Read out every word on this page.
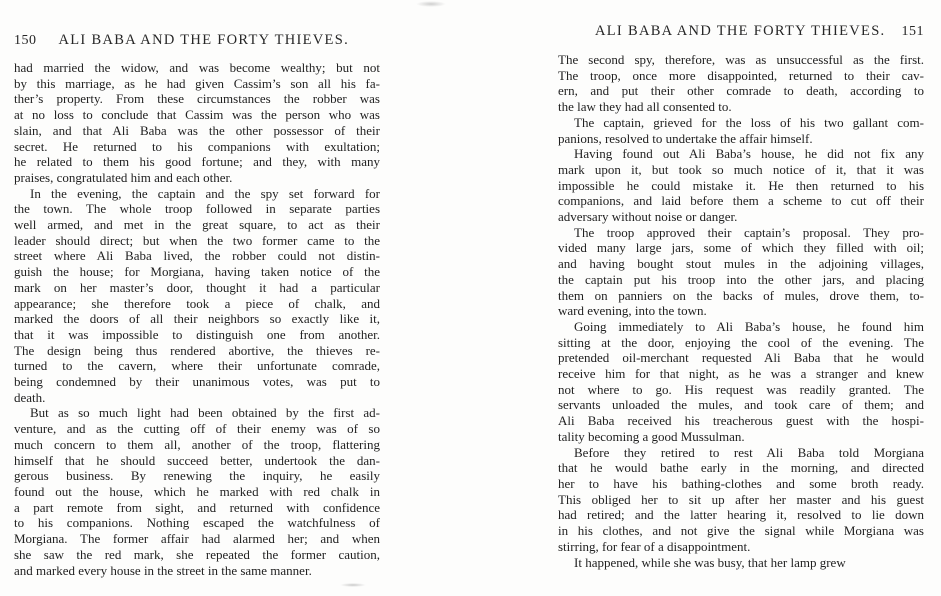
150 ALI BABA AND THE FORTY THIEVES.
had married the widow, and was become wealthy; but not
by this marriage, as he had given Cassim’s son all his fa-
ther’s property. From these circumstances the robber was
at no loss to conclude that Cassim was the person who was
slain, and that Ali Baba was the other possessor of their
secret. He returned to his companions with exultation;
he related to them his good fortune; and they, with many
praises, congratulated him and each other.
In the evening, the captain and the spy set forward for
the town. The whole troop followed in separate parties
well armed, and met in the great square, to act as their
leader should direct; but when the two former came to the
street where Ali Baba lived, the robber could not distin-
guish the house; for Morgiana, having taken notice of the
mark on her master’s door, thought it had a particular
appearance; she therefore took a piece of chalk, and
marked the doors of all their neighbors so exactly like it,
that it was impossible to distinguish one from another.
The design being thus rendered abortive, the thieves re-
turned to the cavern, where their unfortunate comrade,
being condemned by their unanimous votes, was put to
death.
But as so much light had been obtained by the first ad-
venture, and as the cutting off of their enemy was of so
much concern to them all, another of the troop, flattering
himself that he should succeed better, undertook the dan-
gerous business. By renewing the inquiry, he easily
found out the house, which he marked with red chalk in
a part remote from sight, and returned with confidence
to his companions. Nothing escaped the watchfulness of
Morgiana. The former affair had alarmed her; and when
she saw the red mark, she repeated the former caution,
and marked every house in the street in the same manner.
ALI BABA AND THE FORTY THIEVES. 151
The second spy, therefore, was as unsuccessful as the first.
The troop, once more disappointed, returned to their cav-
ern, and put their other comrade to death, according to
the law they had all consented to.
The captain, grieved for the loss of his two gallant com-
panions, resolved to undertake the affair himself.
Having found out Ali Baba’s house, he did not fix any
mark upon it, but took so much notice of it, that it was
impossible he could mistake it. He then returned to his
companions, and laid before them a scheme to cut off their
adversary without noise or danger.
The troop approved their captain’s proposal. They pro-
vided many large jars, some of which they filled with oil;
and having bought stout mules in the adjoining villages,
the captain put his troop into the other jars, and placing
them on panniers on the backs of mules, drove them, to-
ward evening, into the town.
Going immediately to Ali Baba’s house, he found him
sitting at the door, enjoying the cool of the evening. The
pretended oil-merchant requested Ali Baba that he would
receive him for that night, as he was a stranger and knew
not where to go. His request was readily granted. The
servants unloaded the mules, and took care of them; and
Ali Baba received his treacherous guest with the hospi-
tality becoming a good Mussulman.
Before they retired to rest Ali Baba told Morgiana
that he would bathe early in the morning, and directed
her to have his bathing-clothes and some broth ready.
This obliged her to sit up after her master and his guest
had retired; and the latter hearing it, resolved to lie down
in his clothes, and not give the signal while Morgiana was
stirring, for fear of a disappointment.
It happened, while she was busy, that her lamp grew
